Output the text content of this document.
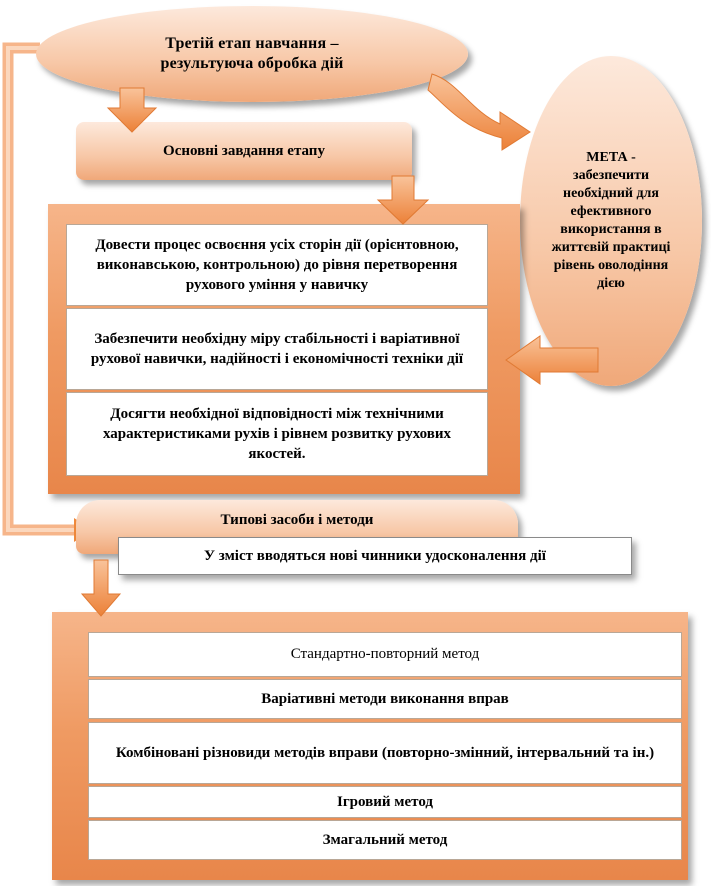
Третій етап навчання –
результуюча обробка дій
МЕТА -
забезпечити необхідний для ефективного використання в життєвій практиці рівень оволодіння дією
Основні завдання етапу
Довести процес освоєння усіх сторін дії (орієнтовною, виконавською, контрольною) до рівня перетворення рухового уміння у навичку
Забезпечити необхідну міру стабільності і варіативної рухової навички, надійності і економічності техніки дії
Досягти необхідної відповідності між технічними характеристиками рухів і рівнем розвитку рухових якостей.
Типові засоби і методи
У зміст вводяться нові чинники удосконалення дії
Стандартно-повторний метод
Варіативні методи виконання вправ
Комбіновані різновиди методів вправи (повторно-змінний, інтервальний та ін.)
Ігровий метод
Змагальний метод
